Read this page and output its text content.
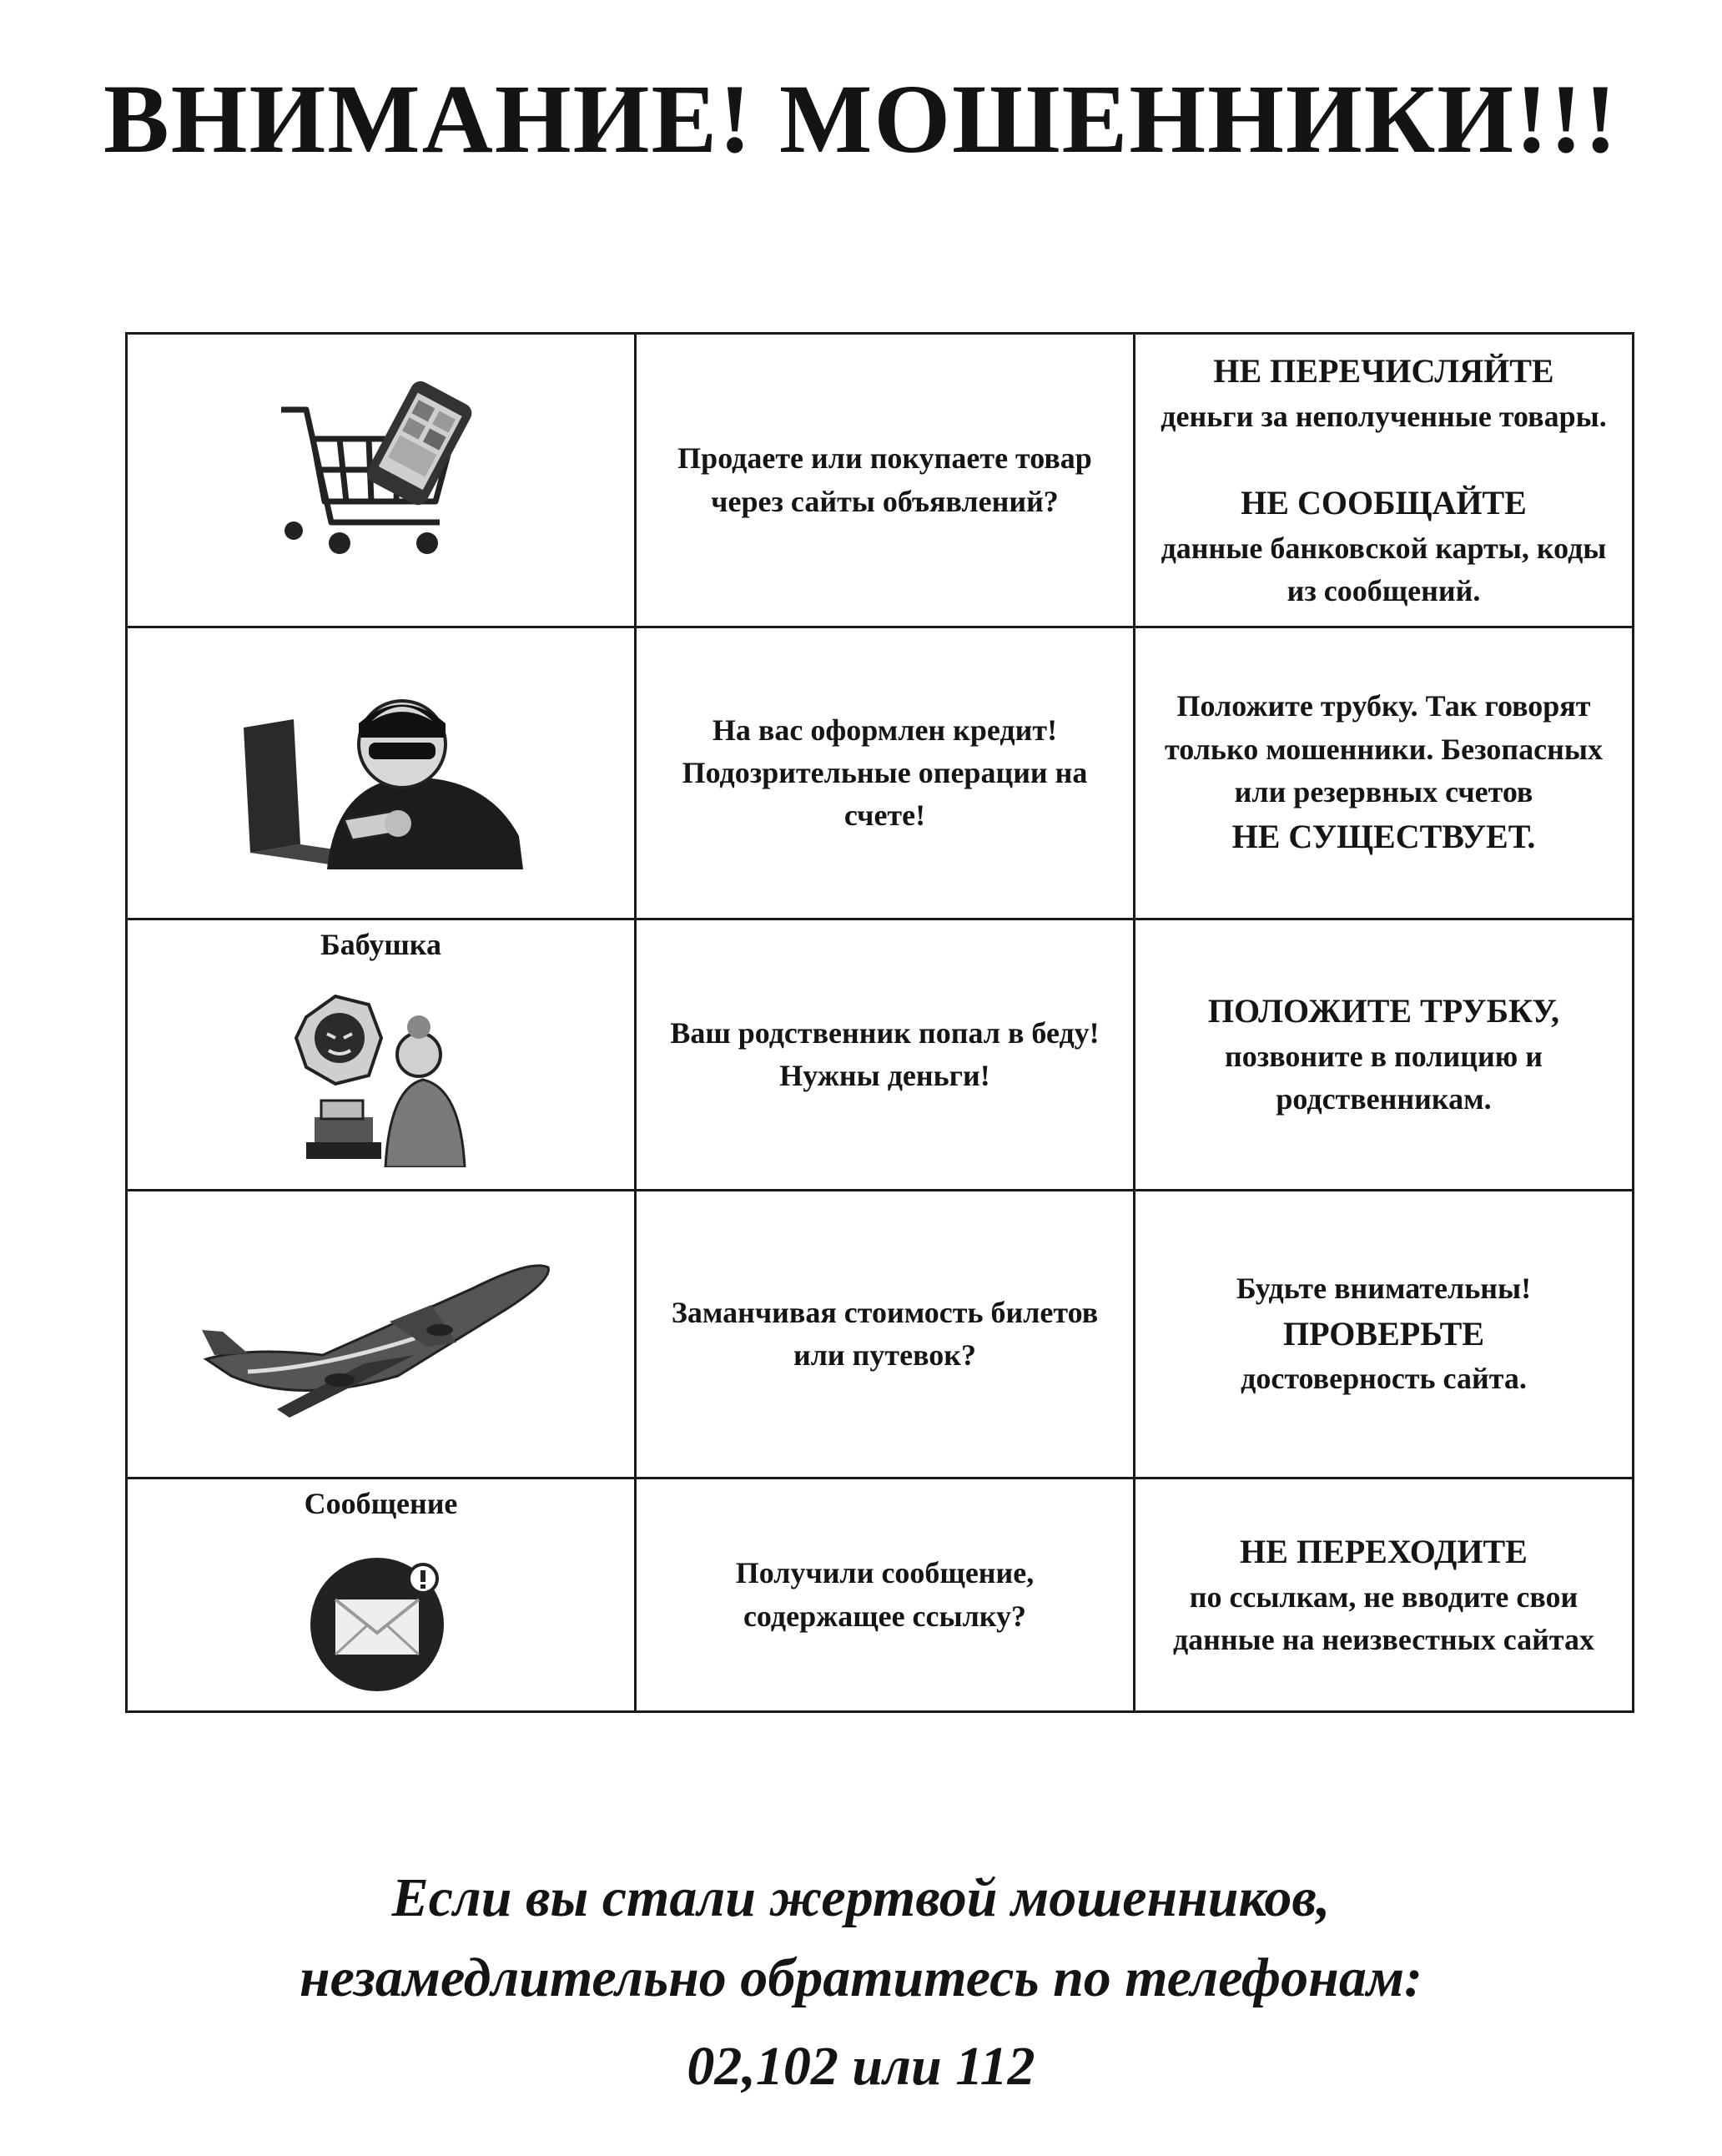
ВНИМАНИЕ! МОШЕННИКИ!!!
	Продаете или покупаете товар через сайты объявлений?	НЕ ПЕРЕЧИСЛЯЙТЕ
деньги за неполученные товары.
НЕ СООБЩАЙТЕ
данные банковской карты, коды из сообщений.

	На вас оформлен кредит! Подозрительные операции на счете!	Положите трубку. Так говорят только мошенники. Безопасных или резервных счетов
НЕ СУЩЕСТВУЕТ.

Бабушка	Ваш родственник попал в беду! Нужны деньги!	ПОЛОЖИТЕ ТРУБКУ,
позвоните в полицию и родственникам.

	Заманчивая стоимость билетов или путевок?	Будьте внимательны!
ПРОВЕРЬТЕ
достоверность сайта.

Сообщение	Получили сообщение, содержащее ссылку?	НЕ ПЕРЕХОДИТЕ
по ссылкам, не вводите свои данные на неизвестных сайтах
Если вы стали жертвой мошенников,
незамедлительно обратитесь по телефонам:
02,102 или 112
